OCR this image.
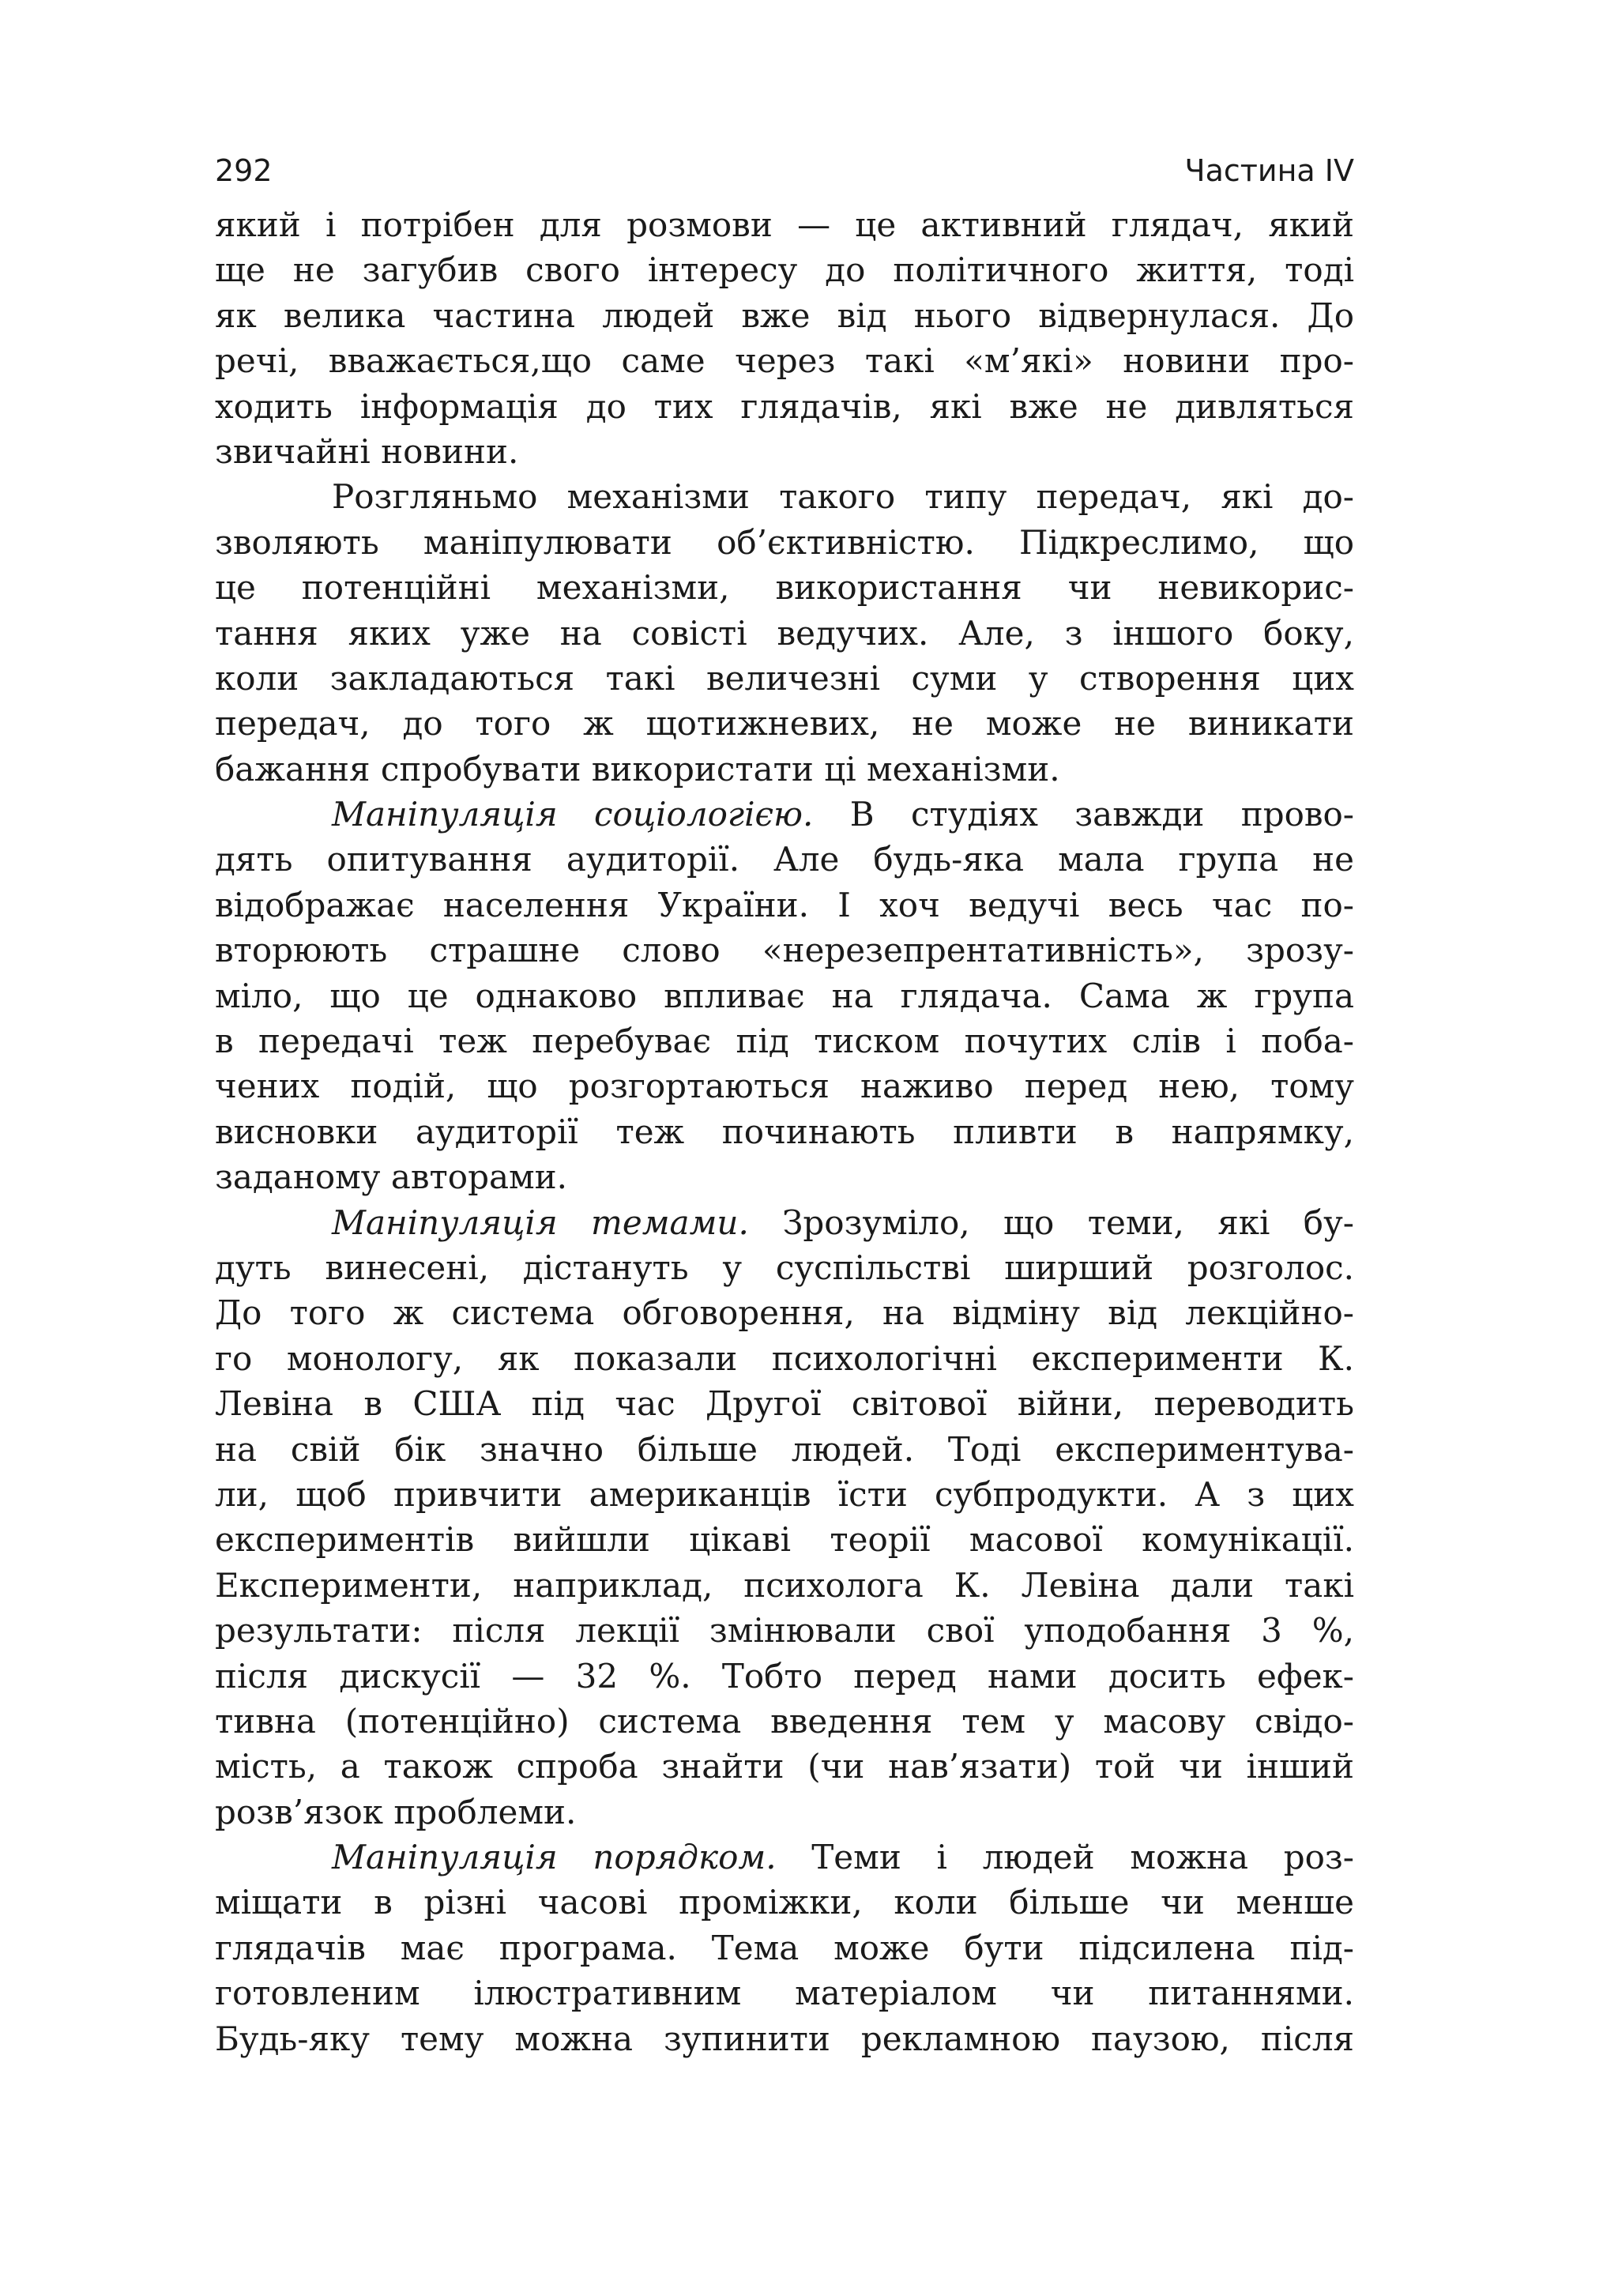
292	Частина IV
який і потрібен для розмови — це активний глядач, який
ще не загубив свого інтересу до політичного життя, тоді
як велика частина людей вже від нього відвернулася. До
речі, вважається,що саме через такі «м’які» новини про-
ходить інформація до тих глядачів, які вже не дивляться
звичайні новини.
Розгляньмо механізми такого типу передач, які до-
зволяють маніпулювати об’єктивністю. Підкреслимо, що
це потенційні механізми, використання чи невикорис-
тання яких уже на совісті ведучих. Але, з іншого боку,
коли закладаються такі величезні суми у створення цих
передач, до того ж щотижневих, не може не виникати
бажання спробувати використати ці механізми.
Маніпуляція соціологією. В студіях завжди прово-
дять опитування аудиторії. Але будь-яка мала група не
відображає населення України. І хоч ведучі весь час по-
вторюють страшне слово «нерезепрентативність», зрозу-
міло, що це однаково впливає на глядача. Сама ж група
в передачі теж перебуває під тиском почутих слів і поба-
чених подій, що розгортаються наживо перед нею, тому
висновки аудиторії теж починають пливти в напрямку,
заданому авторами.
Маніпуляція темами. Зрозуміло, що теми, які бу-
дуть винесені, дістануть у суспільстві ширший розголос.
До того ж система обговорення, на відміну від лекційно-
го монологу, як показали психологічні експерименти К.
Левіна в США під час Другої світової війни, переводить
на свій бік значно більше людей. Тоді експериментува-
ли, щоб привчити американців їсти субпродукти. А з цих
експериментів вийшли цікаві теорії масової комунікації.
Експерименти, наприклад, психолога К. Левіна дали такі
результати: після лекції змінювали свої уподобання 3 %,
після дискусії — 32 %. Тобто перед нами досить ефек-
тивна (потенційно) система введення тем у масову свідо-
мість, а також спроба знайти (чи нав’язати) той чи інший
розв’язок проблеми.
Маніпуляція порядком. Теми і людей можна роз-
міщати в різні часові проміжки, коли більше чи менше
глядачів має програма. Тема може бути підсилена під-
готовленим ілюстративним матеріалом чи питаннями.
Будь-яку тему можна зупинити рекламною паузою, після
